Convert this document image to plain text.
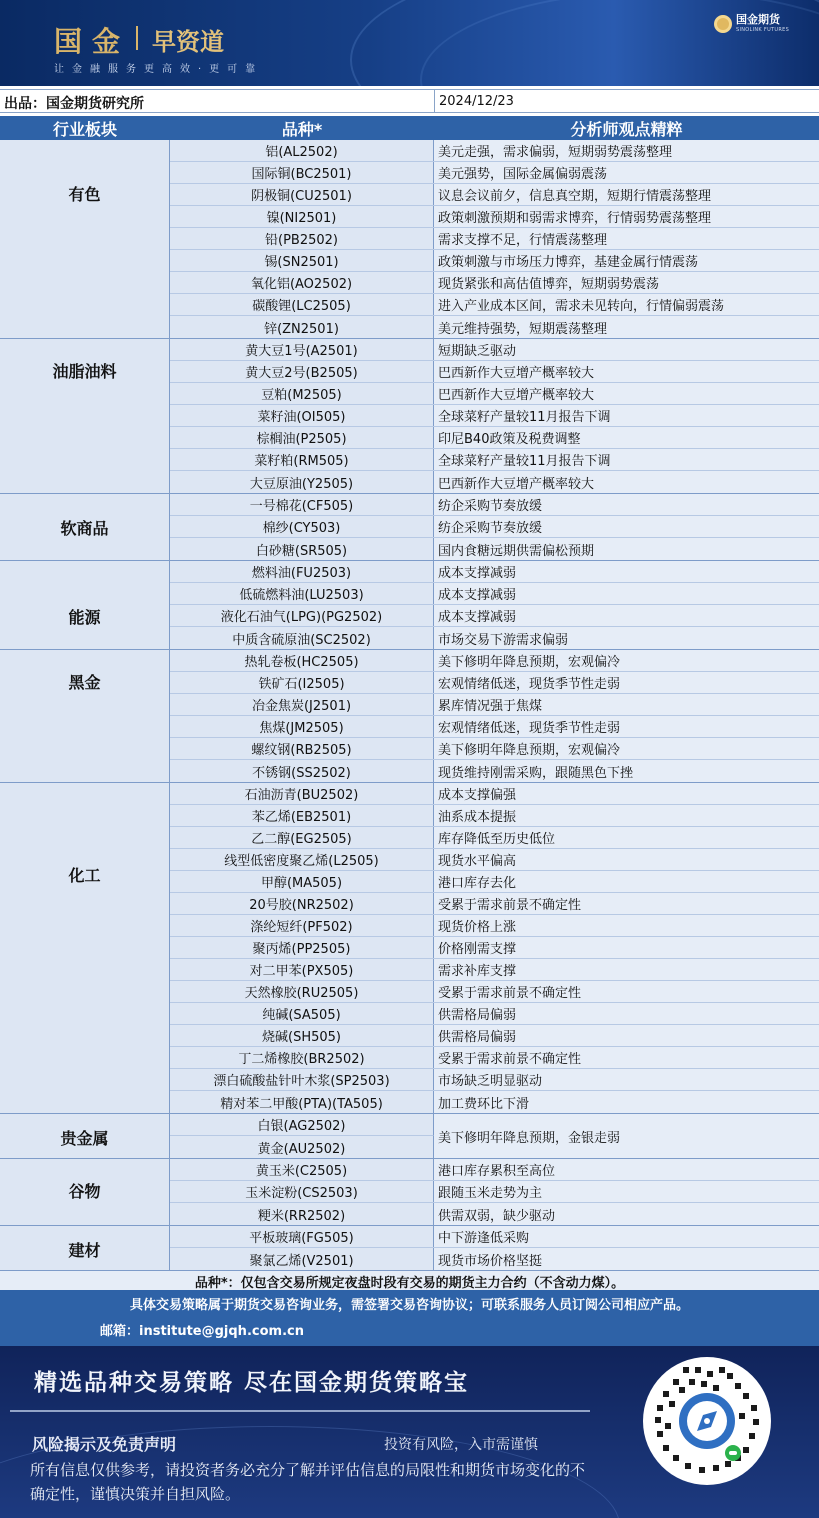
国金 早资道
让金融服务更高效·更可靠
国金期货
SINOLINK FUTURES
出品：国金期货研究所	2024/12/23
行业板块	品种*	分析师观点精粹
有色
铝(AL2502)	美元走强，需求偏弱，短期弱势震荡整理
国际铜(BC2501)	美元强势，国际金属偏弱震荡
阴极铜(CU2501)	议息会议前夕，信息真空期，短期行情震荡整理
镍(NI2501)	政策刺激预期和弱需求博弈，行情弱势震荡整理
铅(PB2502)	需求支撑不足，行情震荡整理
锡(SN2501)	政策刺激与市场压力博弈，基建金属行情震荡
氧化铝(AO2502)	现货紧张和高估值博弈，短期弱势震荡
碳酸锂(LC2505)	进入产业成本区间，需求未见转向，行情偏弱震荡
锌(ZN2501)	美元维持强势，短期震荡整理
油脂油料
黄大豆1号(A2501)	短期缺乏驱动
黄大豆2号(B2505)	巴西新作大豆增产概率较大
豆粕(M2505)	巴西新作大豆增产概率较大
菜籽油(OI505)	全球菜籽产量较11月报告下调
棕榈油(P2505)	印尼B40政策及税费调整
菜籽粕(RM505)	全球菜籽产量较11月报告下调
大豆原油(Y2505)	巴西新作大豆增产概率较大
软商品
一号棉花(CF505)	纺企采购节奏放缓
棉纱(CY503)	纺企采购节奏放缓
白砂糖(SR505)	国内食糖远期供需偏松预期
能源
燃料油(FU2503)	成本支撑减弱
低硫燃料油(LU2503)	成本支撑减弱
液化石油气(LPG)(PG2502)	成本支撑减弱
中质含硫原油(SC2502)	市场交易下游需求偏弱
黑金
热轧卷板(HC2505)	美下修明年降息预期，宏观偏冷
铁矿石(I2505)	宏观情绪低迷，现货季节性走弱
冶金焦炭(J2501)	累库情况强于焦煤
焦煤(JM2505)	宏观情绪低迷，现货季节性走弱
螺纹钢(RB2505)	美下修明年降息预期，宏观偏冷
不锈钢(SS2502)	现货维持刚需采购，跟随黑色下挫
化工
石油沥青(BU2502)	成本支撑偏强
苯乙烯(EB2501)	油系成本提振
乙二醇(EG2505)	库存降低至历史低位
线型低密度聚乙烯(L2505)	现货水平偏高
甲醇(MA505)	港口库存去化
20号胶(NR2502)	受累于需求前景不确定性
涤纶短纤(PF502)	现货价格上涨
聚丙烯(PP2505)	价格刚需支撑
对二甲苯(PX505)	需求补库支撑
天然橡胶(RU2505)	受累于需求前景不确定性
纯碱(SA505)	供需格局偏弱
烧碱(SH505)	供需格局偏弱
丁二烯橡胶(BR2502)	受累于需求前景不确定性
漂白硫酸盐针叶木浆(SP2503)	市场缺乏明显驱动
精对苯二甲酸(PTA)(TA505)	加工费环比下滑
贵金属
白银(AG2502)
黄金(AU2502)
美下修明年降息预期，金银走弱
谷物
黄玉米(C2505)	港口库存累积至高位
玉米淀粉(CS2503)	跟随玉米走势为主
粳米(RR2502)	供需双弱，缺少驱动
建材
平板玻璃(FG505)	中下游逢低采购
聚氯乙烯(V2501)	现货市场价格坚挺
品种*：仅包含交易所规定夜盘时段有交易的期货主力合约（不含动力煤）。
具体交易策略属于期货交易咨询业务，需签署交易咨询协议；可联系服务人员订阅公司相应产品。
邮箱：institute@gjqh.com.cn
精选品种交易策略 尽在国金期货策略宝
风险揭示及免责声明	投资有风险，入市需谨慎
所有信息仅供参考，请投资者务必充分了解并评估信息的局限性和期货市场变化的不确定性，谨慎决策并自担风险。
